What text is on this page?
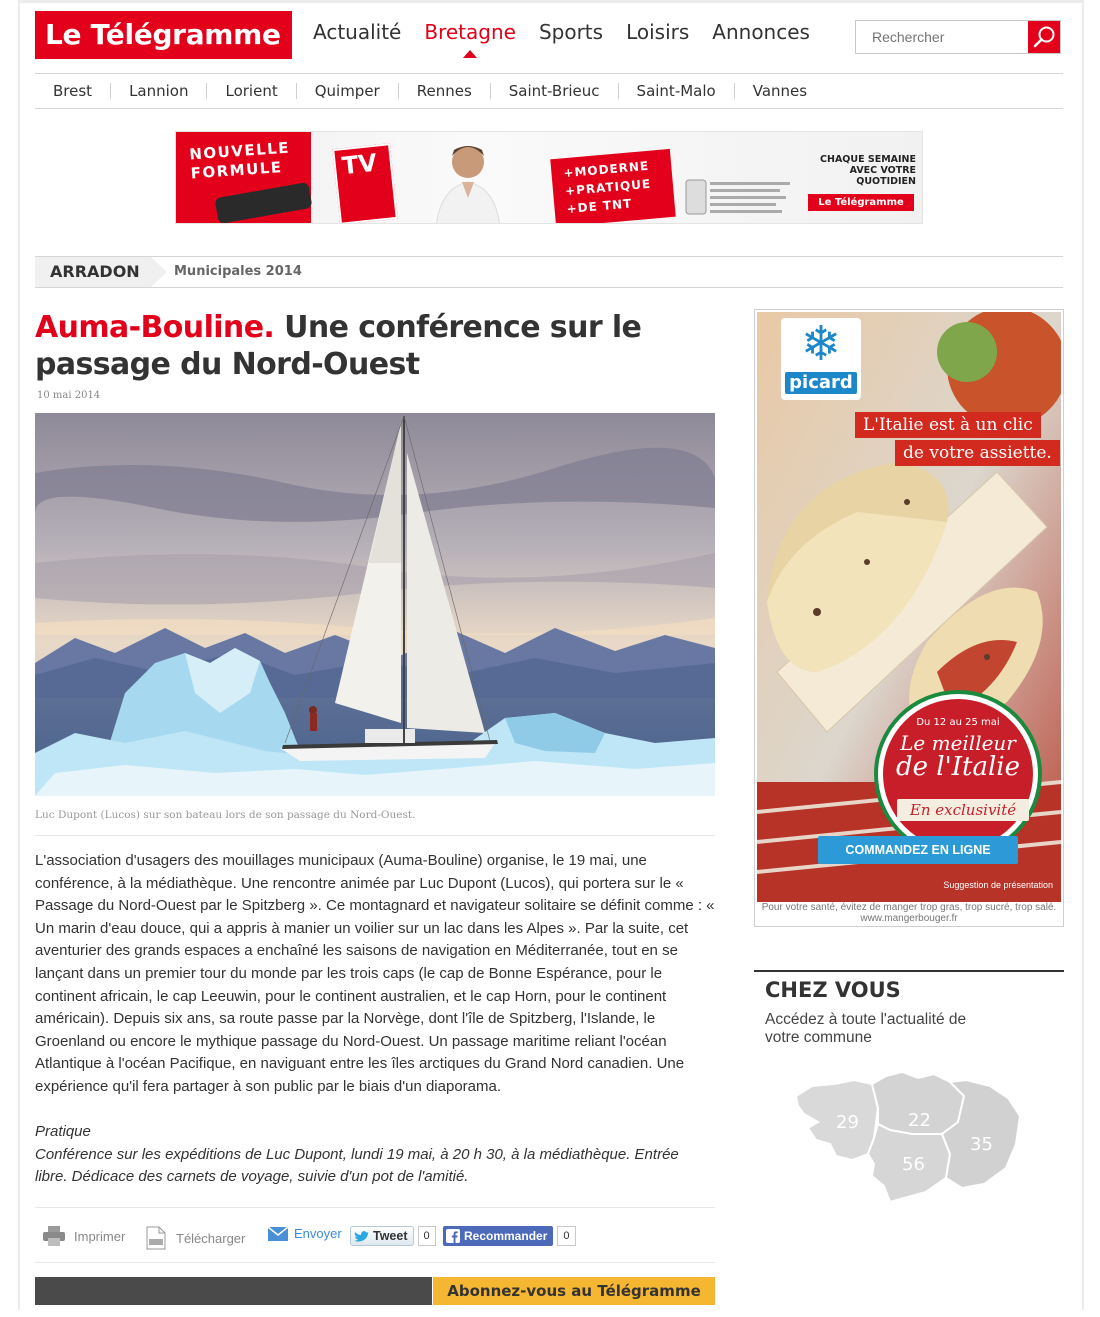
Le Télégramme	Actualité Bretagne Sports Loisirs Annonces
Rechercher
Brest	Lannion	Lorient	Quimper	Rennes	Saint-Brieuc	Saint-Malo	Vannes
NOUVELLE
FORMULE	TV	+MODERNE
+PRATIQUE
+DE TNT
CHAQUE SEMAINE
AVEC VOTRE
QUOTIDIEN
Le Télégramme
ARRADON	Municipales 2014
Auma-Bouline. Une conférence sur le passage du Nord-Ouest
10 mai 2014
Luc Dupont (Lucos) sur son bateau lors de son passage du Nord-Ouest.

L'association d'usagers des mouillages municipaux (Auma-Bouline) organise, le 19 mai, une conférence, à la médiathèque. Une rencontre animée par Luc Dupont (Lucos), qui portera sur le « Passage du Nord-Ouest par le Spitzberg ». Ce montagnard et navigateur solitaire se définit comme : « Un marin d'eau douce, qui a appris à manier un voilier sur un lac dans les Alpes ». Par la suite, cet aventurier des grands espaces a enchaîné les saisons de navigation en Méditerranée, tout en se lançant dans un premier tour du monde par les trois caps (le cap de Bonne Espérance, pour le continent africain, le cap Leeuwin, pour le continent australien, et le cap Horn, pour le continent américain). Depuis six ans, sa route passe par la Norvège, dont l'île de Spitzberg, l'Islande, le Groenland ou encore le mythique passage du Nord-Ouest. Un passage maritime reliant l'océan Atlantique à l'océan Pacifique, en naviguant entre les îles arctiques du Grand Nord canadien. Une expérience qu'il fera partager à son public par le biais d'un diaporama.

Pratique
Conférence sur les expéditions de Luc Dupont, lundi 19 mai, à 20 h 30, à la médiathèque. Entrée libre. Dédicace des carnets de voyage, suivie d'un pot de l'amitié.
Imprimer	Télécharger	Envoyer	Tweet	0	Recommander	0
Abonnez-vous au Télégramme
❄
picard
L'Italie est à un clic
de votre assiette.
Du 12 au 25 mai
Le meilleur
de l'Italie
En exclusivité
COMMANDEZ EN LIGNE
Suggestion de présentation
Pour votre santé, évitez de manger trop gras, trop sucré, trop salé. www.mangerbouger.fr
CHEZ VOUS

Accédez à toute l'actualité de votre commune

29	22
56
35
